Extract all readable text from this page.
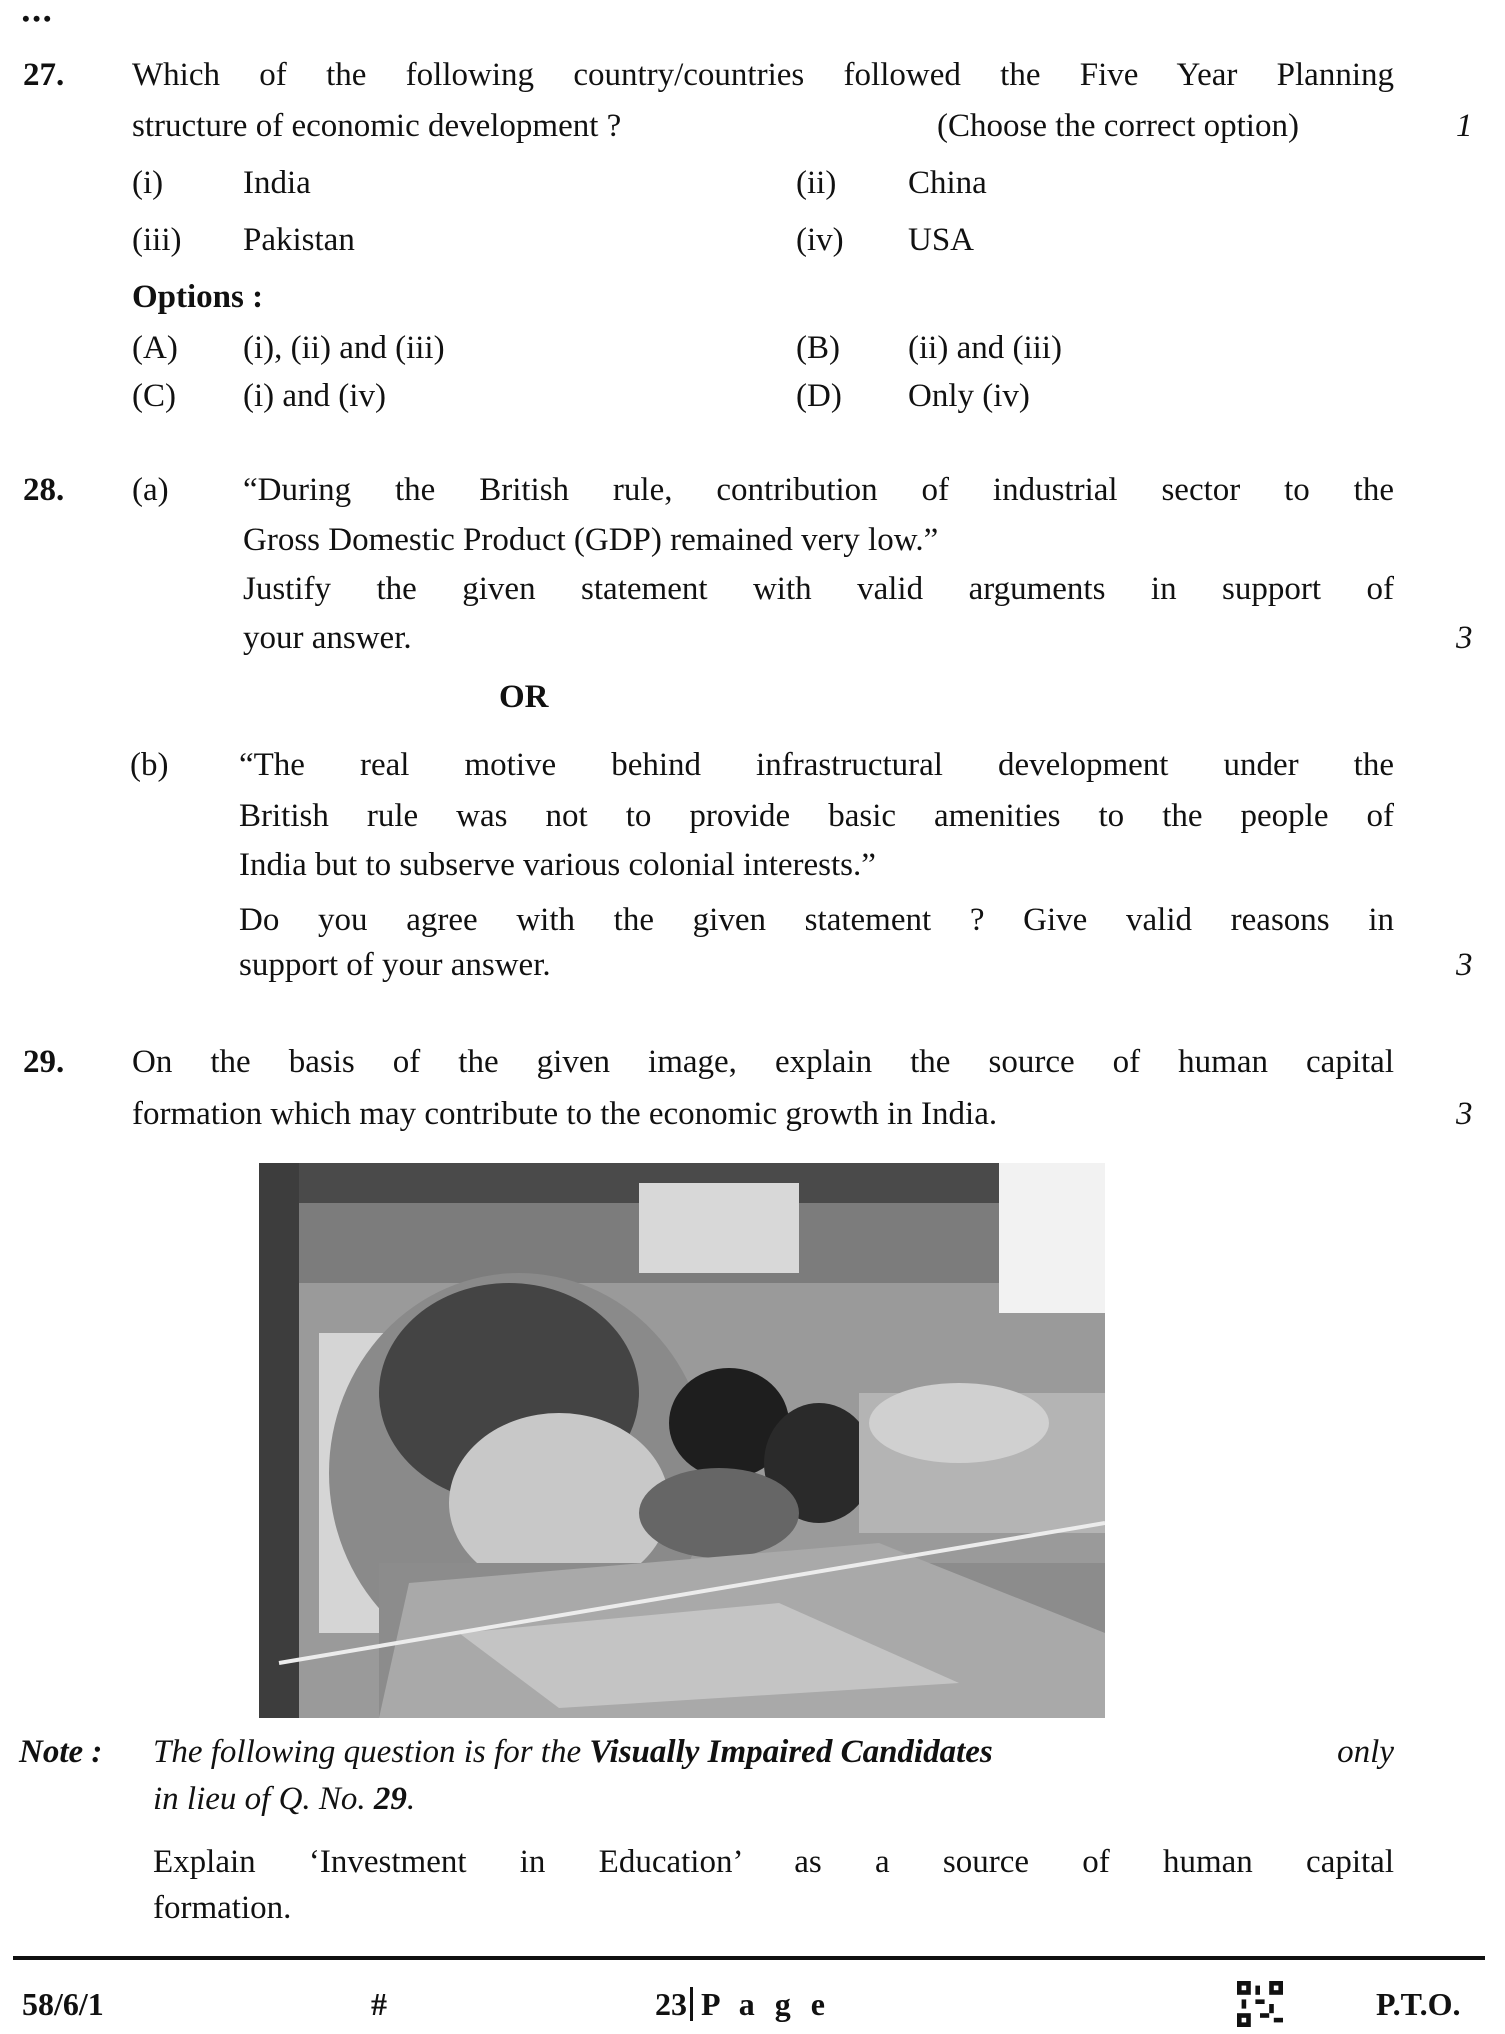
•••
27. Which of the following country/countries followed the Five Year Planning
structure of economic development ?	(Choose the correct option)	1
(i) India	(ii) China
(iii) Pakistan	(iv) USA
Options :
(A) (i), (ii) and (iii)	(B) (ii) and (iii)
(C) (i) and (iv)	(D) Only (iv)
28. (a) “During the British rule, contribution of industrial sector to the
Gross Domestic Product (GDP) remained very low.”
Justify the given statement with valid arguments in support of
your answer.	3
OR
(b) “The real motive behind infrastructural development under the
British rule was not to provide basic amenities to the people of
India but to subserve various colonial interests.”
Do you agree with the given statement ? Give valid reasons in
support of your answer.	3
29. On the basis of the given image, explain the source of human capital
formation which may contribute to the economic growth in India.	3
Note : The following question is for the Visually Impaired Candidates	only
in lieu of Q. No. 29.
Explain ‘Investment in Education’ as a source of human capital
formation.
58/6/1	#	23 P a g e	P.T.O.
